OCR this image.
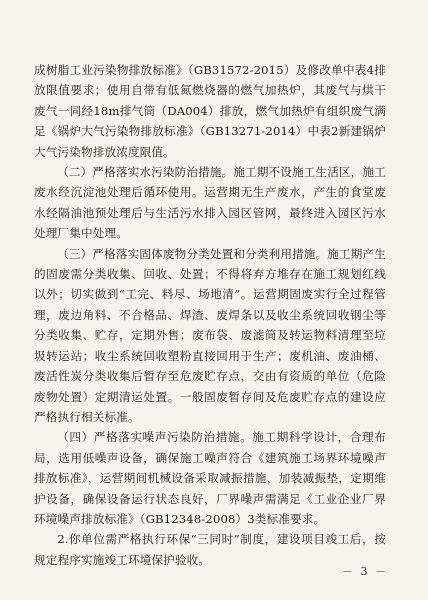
成树脂工业污染物排放标准》（GB31572-2015）及修改单中表4排放限值要求；使用自带有低氮燃烧器的燃气加热炉，其废气与烘干废气一同经18m排气筒（DA004）排放，燃气加热炉有组织废气满足《锅炉大气污染物排放标准》（GB13271-2014）中表2新建锅炉大气污染物排放浓度限值。

（二）严格落实水污染防治措施。施工期不设施工生活区，施工废水经沉淀池处理后循环使用。运营期无生产废水，产生的食堂废水经隔油池预处理后与生活污水排入园区管网，最终进入园区污水处理厂集中处理。

（三）严格落实固体废物分类处置和分类利用措施。施工期产生的固废需分类收集、回收、处置；不得将弃方堆存在施工规划红线以外；切实做到“工完、料尽、场地清”。运营期固废实行全过程管理，废边角料、不合格品、焊渣、废焊条以及收尘系统回收钢尘等分类收集、贮存，定期外售；废布袋、废滤筒及转运物料清理至垃圾转运站；收尘系统回收塑粉直接回用于生产；废机油、废油桶、废活性炭分类收集后暂存至危废贮存点，交由有资质的单位（危险废物处置）定期清运处置。一般固废暂存间及危废贮存点的建设应严格执行相关标准。

（四）严格落实噪声污染防治措施。施工期科学设计，合理布局，选用低噪声设备，确保施工噪声符合《建筑施工场界环境噪声排放标准》，运营期间机械设备采取减振措施，加装减振垫，定期维护设备，确保设备运行状态良好，厂界噪声需满足《工业企业厂界环境噪声排放标准》（GB12348-2008）3类标准要求。

2.你单位需严格执行环保“三同时”制度，建设项目竣工后，按规定程序实施竣工环境保护验收。

－ 3 －
